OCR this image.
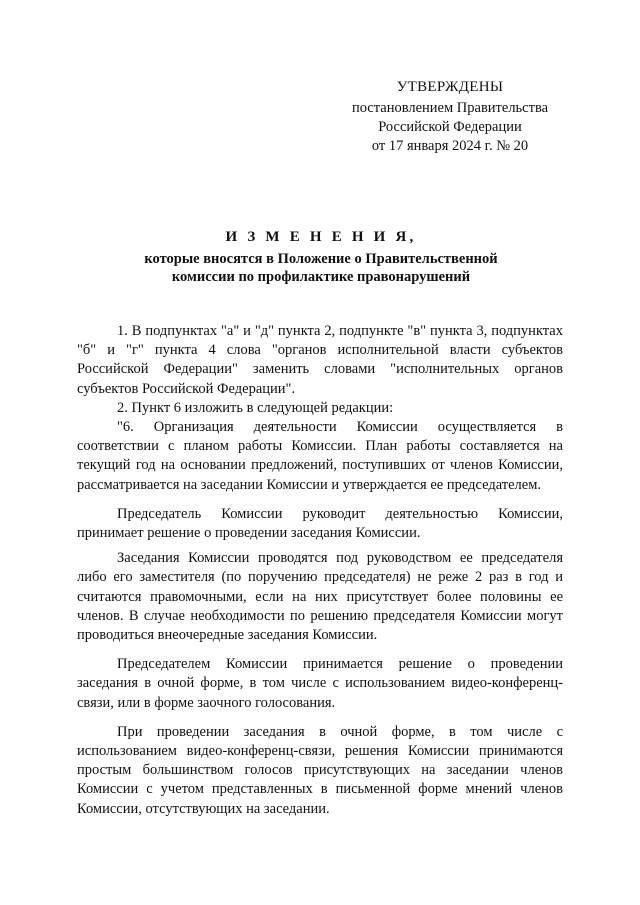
УТВЕРЖДЕНЫ
постановлением Правительства
Российской Федерации
от 17 января 2024 г. № 20
И З М Е Н Е Н И Я,
которые вносятся в Положение о Правительственной
комиссии по профилактике правонарушений

1. В подпунктах "а" и "д" пункта 2, подпункте "в" пункта 3, подпунктах "б" и "г" пункта 4 слова "органов исполнительной власти субъектов Российской Федерации" заменить словами "исполнительных органов субъектов Российской Федерации".

2. Пункт 6 изложить в следующей редакции:

"6. Организация деятельности Комиссии осуществляется в соответствии с планом работы Комиссии. План работы составляется на текущий год на основании предложений, поступивших от членов Комиссии, рассматривается на заседании Комиссии и утверждается ее председателем.

Председатель Комиссии руководит деятельностью Комиссии, принимает решение о проведении заседания Комиссии.

Заседания Комиссии проводятся под руководством ее председателя либо его заместителя (по поручению председателя) не реже 2 раз в год и считаются правомочными, если на них присутствует более половины ее членов. В случае необходимости по решению председателя Комиссии могут проводиться внеочередные заседания Комиссии.

Председателем Комиссии принимается решение о проведении заседания в очной форме, в том числе с использованием видео-конференц-связи, или в форме заочного голосования.

При проведении заседания в очной форме, в том числе с использованием видео-конференц-связи, решения Комиссии принимаются простым большинством голосов присутствующих на заседании членов Комиссии с учетом представленных в письменной форме мнений членов Комиссии, отсутствующих на заседании.
